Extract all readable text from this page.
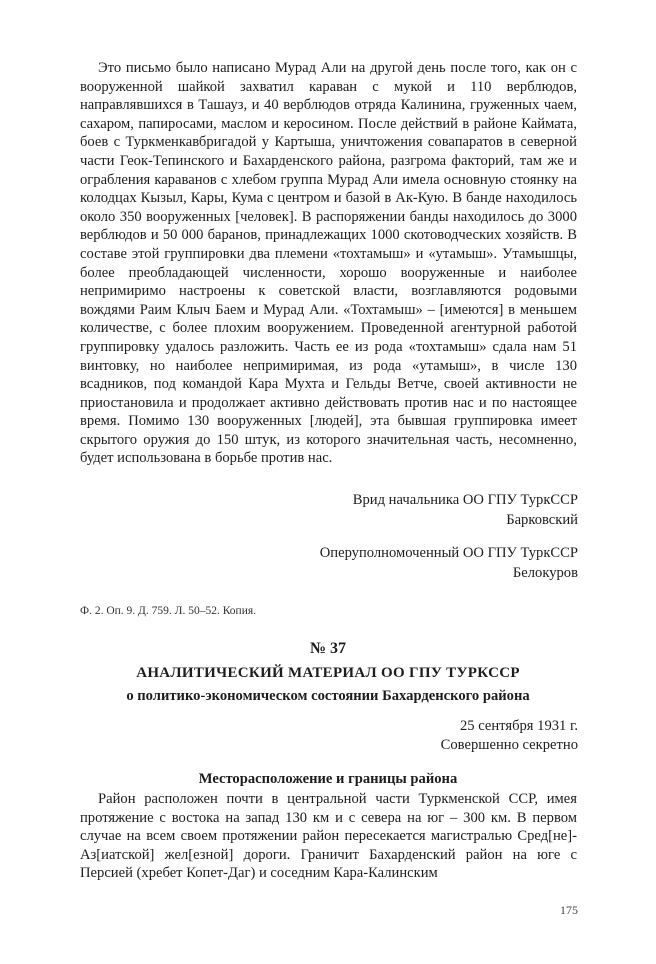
Это письмо было написано Мурад Али на другой день после того, как он с вооруженной шайкой захватил караван с мукой и 110 верблюдов, направлявшихся в Ташауз, и 40 верблюдов отряда Калинина, груженных чаем, сахаром, папиросами, маслом и керосином. После действий в районе Каймата, боев с Туркменкавбригадой у Картыша, уничтожения совапаратов в северной части Геок-Тепинского и Бахарденского района, разгрома факторий, там же и ограбления караванов с хлебом группа Мурад Али имела основную стоянку на колодцах Кызыл, Кары, Кума с центром и базой в Ак-Кую. В банде находилось около 350 вооруженных [человек]. В распоряжении банды находилось до 3000 верблюдов и 50 000 баранов, принадлежащих 1000 скотоводческих хозяйств. В составе этой группировки два племени «тохтамыш» и «утамыш». Утамышцы, более преобладающей численности, хорошо вооруженные и наиболее непримиримо настроены к советской власти, возглавляются родовыми вождями Раим Клыч Баем и Мурад Али. «Тохтамыш» – [имеются] в меньшем количестве, с более плохим вооружением. Проведенной агентурной работой группировку удалось разложить. Часть ее из рода «тохтамыш» сдала нам 51 винтовку, но наиболее непримиримая, из рода «утамыш», в числе 130 всадников, под командой Кара Мухта и Гельды Ветче, своей активности не приостановила и продолжает активно действовать против нас и по настоящее время. Помимо 130 вооруженных [людей], эта бывшая группировка имеет скрытого оружия до 150 штук, из которого значительная часть, несомненно, будет использована в борьбе против нас.

Врид начальника ОО ГПУ ТуркССР
Барковский
Оперуполномоченный ОО ГПУ ТуркССР
Белокуров
Ф. 2. Оп. 9. Д. 759. Л. 50–52. Копия.
№ 37
АНАЛИТИЧЕСКИЙ МАТЕРИАЛ ОО ГПУ ТУРКССР
о политико-экономическом состоянии Бахарденского района
25 сентября 1931 г.
Совершенно секретно
Месторасположение и границы района

Район расположен почти в центральной части Туркменской ССР, имея протяжение с востока на запад 130 км и с севера на юг – 300 км. В первом случае на всем своем протяжении район пересекается магистралью Сред[не]-Аз[иатской] жел[езной] дороги. Граничит Бахарденский район на юге с Персией (хребет Копет-Даг) и соседним Кара-Калинским

175
